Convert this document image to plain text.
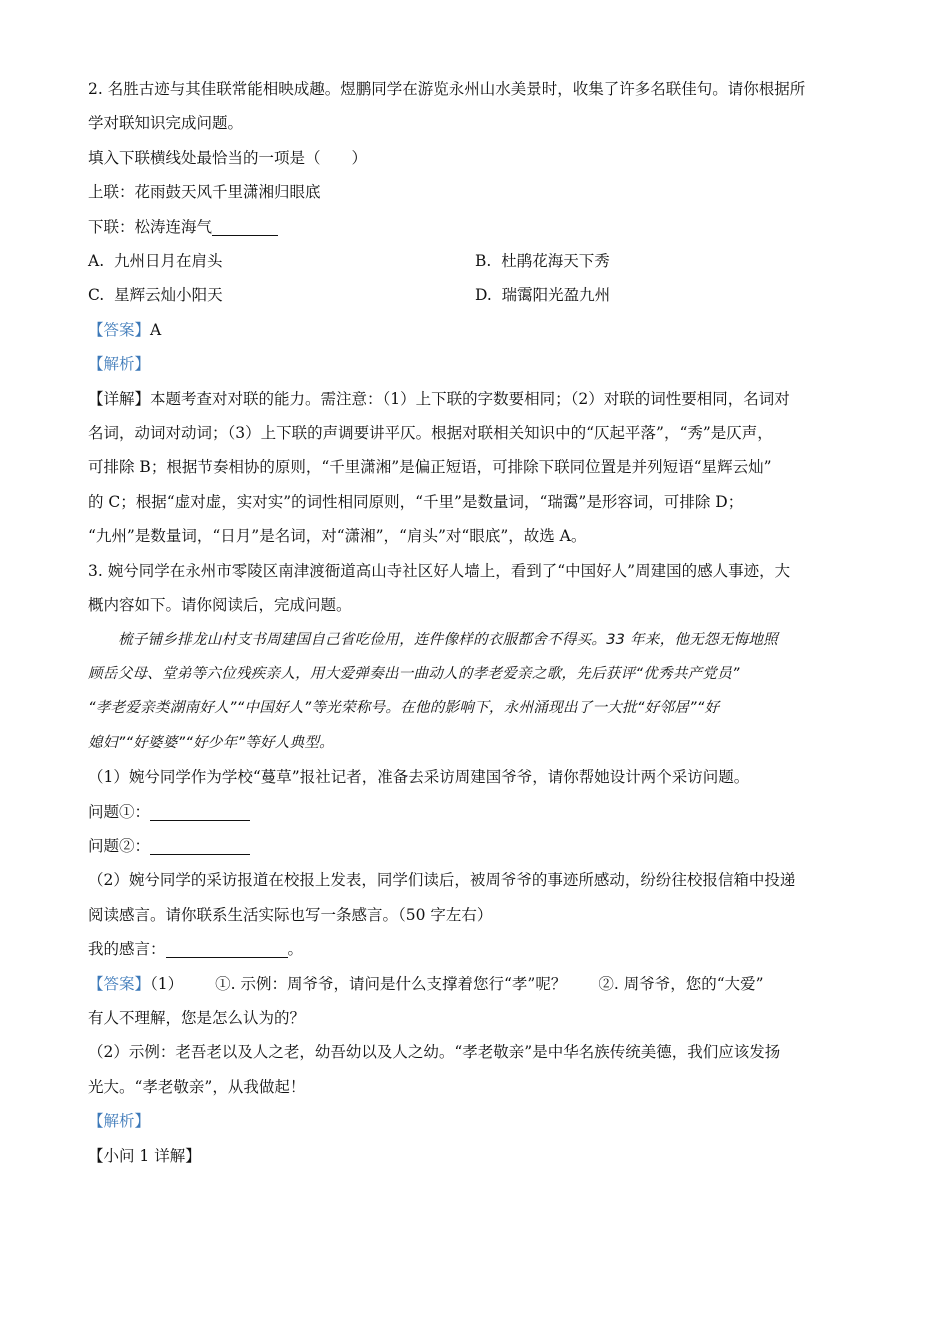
2. 名胜古迹与其佳联常能相映成趣。煜鹏同学在游览永州山水美景时，收集了许多名联佳句。请你根据所
学对联知识完成问题。
填入下联横线处最恰当的一项是（　　）
上联：花雨鼓天风千里潇湘归眼底
下联：松涛连海气
A. 九州日月在肩头	B. 杜鹃花海天下秀
C. 星辉云灿小阳天	D. 瑞霭阳光盈九州
【答案】A
【解析】
【详解】本题考查对对联的能力。需注意：（1）上下联的字数要相同；（2）对联的词性要相同，名词对
名词，动词对动词；（3）上下联的声调要讲平仄。根据对联相关知识中的“仄起平落”，“秀”是仄声，
可排除 B；根据节奏相协的原则，“千里潇湘”是偏正短语，可排除下联同位置是并列短语“星辉云灿”
的 C；根据“虚对虚，实对实”的词性相同原则，“千里”是数量词，“瑞霭”是形容词，可排除 D；
“九州”是数量词，“日月”是名词，对“潇湘”，“肩头”对“眼底”，故选 A。
3. 婉兮同学在永州市零陵区南津渡衙道高山寺社区好人墙上，看到了“中国好人”周建国的感人事迹，大
概内容如下。请你阅读后，完成问题。
梳子铺乡排龙山村支书周建国自己省吃俭用，连件像样的衣服都舍不得买。33 年来，他无怨无悔地照
顾岳父母、堂弟等六位残疾亲人，用大爱弹奏出一曲动人的孝老爱亲之歌，先后获评“优秀共产党员”
“孝老爱亲类湖南好人”“中国好人”等光荣称号。在他的影响下，永州涌现出了一大批“好邻居”“好
媳妇”“好婆婆”“好少年”等好人典型。
（1）婉兮同学作为学校“蔓草”报社记者，准备去采访周建国爷爷，请你帮她设计两个采访问题。
问题①：
问题②：
（2）婉兮同学的采访报道在校报上发表，同学们读后，被周爷爷的事迹所感动，纷纷往校报信箱中投递
阅读感言。请你联系生活实际也写一条感言。（50 字左右）
我的感言：	。
【答案】（1） ①. 示例：周爷爷，请问是什么支撑着您行“孝”呢？ ②. 周爷爷，您的“大爱”
有人不理解，您是怎么认为的？
（2）示例：老吾老以及人之老，幼吾幼以及人之幼。“孝老敬亲”是中华名族传统美德，我们应该发扬
光大。“孝老敬亲”，从我做起！
【解析】
【小问 1 详解】
